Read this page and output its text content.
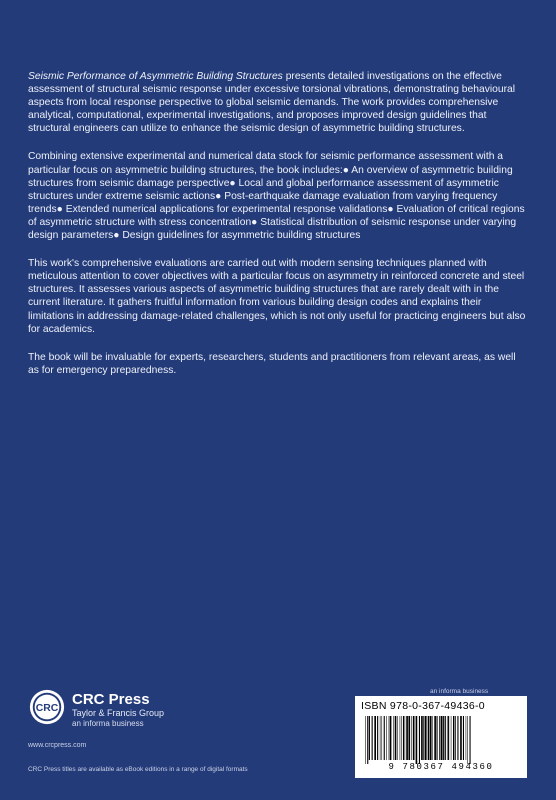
Seismic Performance of Asymmetric Building Structures presents detailed investigations on the effective assessment of structural seismic response under excessive torsional vibrations, demonstrating behavioural aspects from local response perspective to global seismic demands. The work provides comprehensive analytical, computational, experimental investigations, and proposes improved design guidelines that structural engineers can utilize to enhance the seismic design of asymmetric building structures.

Combining extensive experimental and numerical data stock for seismic performance assessment with a particular focus on asymmetric building structures, the book includes:● An overview of asymmetric building structures from seismic damage perspective● Local and global performance assessment of asymmetric structures under extreme seismic actions● Post-earthquake damage evaluation from varying frequency trends● Extended numerical applications for experimental response validations● Evaluation of critical regions of asymmetric structure with stress concentration● Statistical distribution of seismic response under varying design parameters● Design guidelines for asymmetric building structures

This work's comprehensive evaluations are carried out with modern sensing techniques planned with meticulous attention to cover objectives with a particular focus on asymmetry in reinforced concrete and steel structures. It assesses various aspects of asymmetric building structures that are rarely dealt with in the current literature. It gathers fruitful information from various building design codes and explains their limitations in addressing damage-related challenges, which is not only useful for practicing engineers but also for academics.

The book will be invaluable for experts, researchers, students and practitioners from relevant areas, as well as for emergency preparedness.

CRC
CRC Press
Taylor & Francis Group
an informa business
www.crcpress.com
CRC Press titles are available as eBook editions in a range of digital formats
an informa business
ISBN 978-0-367-49436-0
9 780367 494360
